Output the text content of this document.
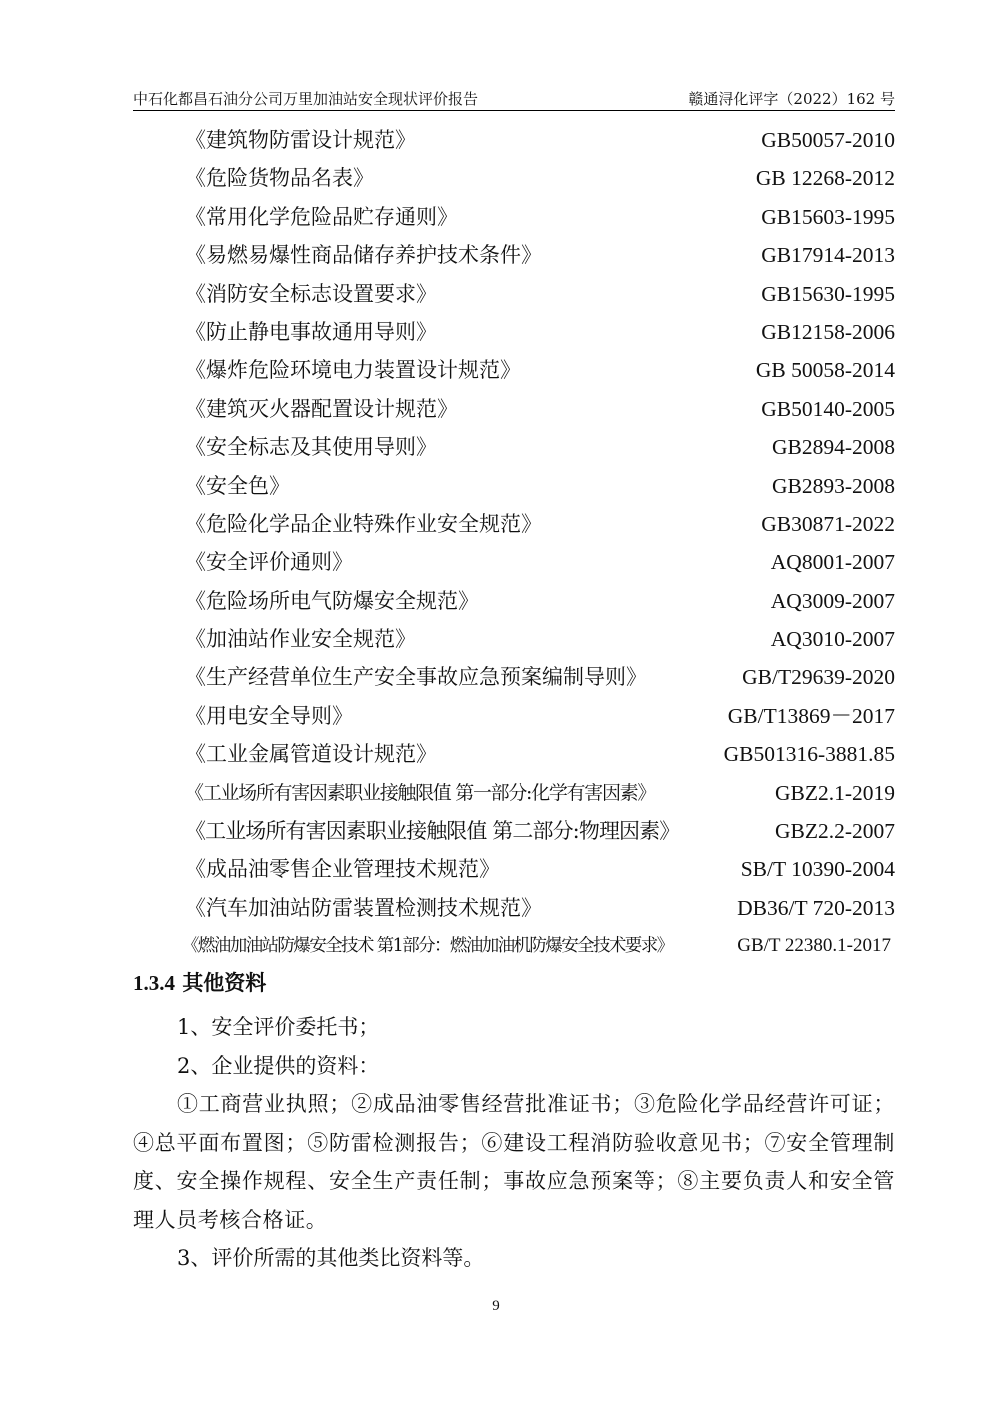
中石化都昌石油分公司万里加油站安全现状评价报告	赣通浔化评字（2022）162 号
《建筑物防雷设计规范》	GB50057-2010
《危险货物品名表》	GB 12268-2012
《常用化学危险品贮存通则》	GB15603-1995
《易燃易爆性商品储存养护技术条件》	GB17914-2013
《消防安全标志设置要求》	GB15630-1995
《防止静电事故通用导则》	GB12158-2006
《爆炸危险环境电力装置设计规范》	GB 50058-2014
《建筑灭火器配置设计规范》	GB50140-2005
《安全标志及其使用导则》	GB2894-2008
《安全色》	GB2893-2008
《危险化学品企业特殊作业安全规范》	GB30871-2022
《安全评价通则》	AQ8001-2007
《危险场所电气防爆安全规范》	AQ3009-2007
《加油站作业安全规范》	AQ3010-2007
《生产经营单位生产安全事故应急预案编制导则》	GB/T29639-2020
《用电安全导则》	GB/T13869－2017
《工业金属管道设计规范》	GB501316-3881.85
《工业场所有害因素职业接触限值 第一部分:化学有害因素》	GBZ2.1-2019
《工业场所有害因素职业接触限值 第二部分:物理因素》	GBZ2.2-2007
《成品油零售企业管理技术规范》	SB/T 10390-2004
《汽车加油站防雷装置检测技术规范》	DB36/T 720-2013
《燃油加油站防爆安全技术 第1部分：燃油加油机防爆安全技术要求》	GB/T 22380.1-2017
1.3.4 其他资料

1、安全评价委托书；

2、企业提供的资料：

①工商营业执照；②成品油零售经营批准证书；③危险化学品经营许可证；④总平面布置图；⑤防雷检测报告；⑥建设工程消防验收意见书；⑦安全管理制度、安全操作规程、安全生产责任制；事故应急预案等；⑧主要负责人和安全管理人员考核合格证。

3、评价所需的其他类比资料等。

9
